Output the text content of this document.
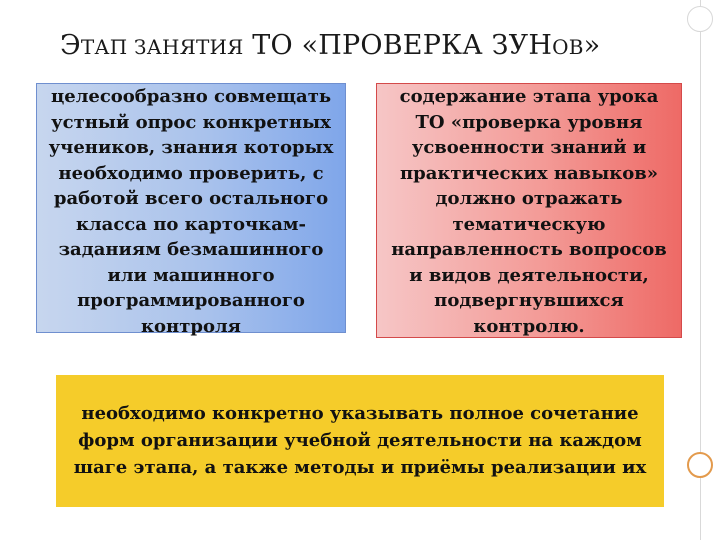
ЭТАП ЗАНЯТИЯ ТО «ПРОВЕРКА ЗУНОВ»
целесообразно совмещать
устный опрос конкретных
учеников, знания которых
необходимо проверить, с
работой всего остального
класса по карточкам-
заданиям безмашинного
или машинного
программированного
контроля
содержание этапа урока
ТО «проверка уровня
усвоенности знаний и
практических навыков»
должно отражать
тематическую
направленность вопросов
и видов деятельности,
подвергнувшихся
контролю.
необходимо конкретно указывать полное сочетание
форм организации учебной деятельности на каждом
шаге этапа, а также методы и приёмы реализации их
